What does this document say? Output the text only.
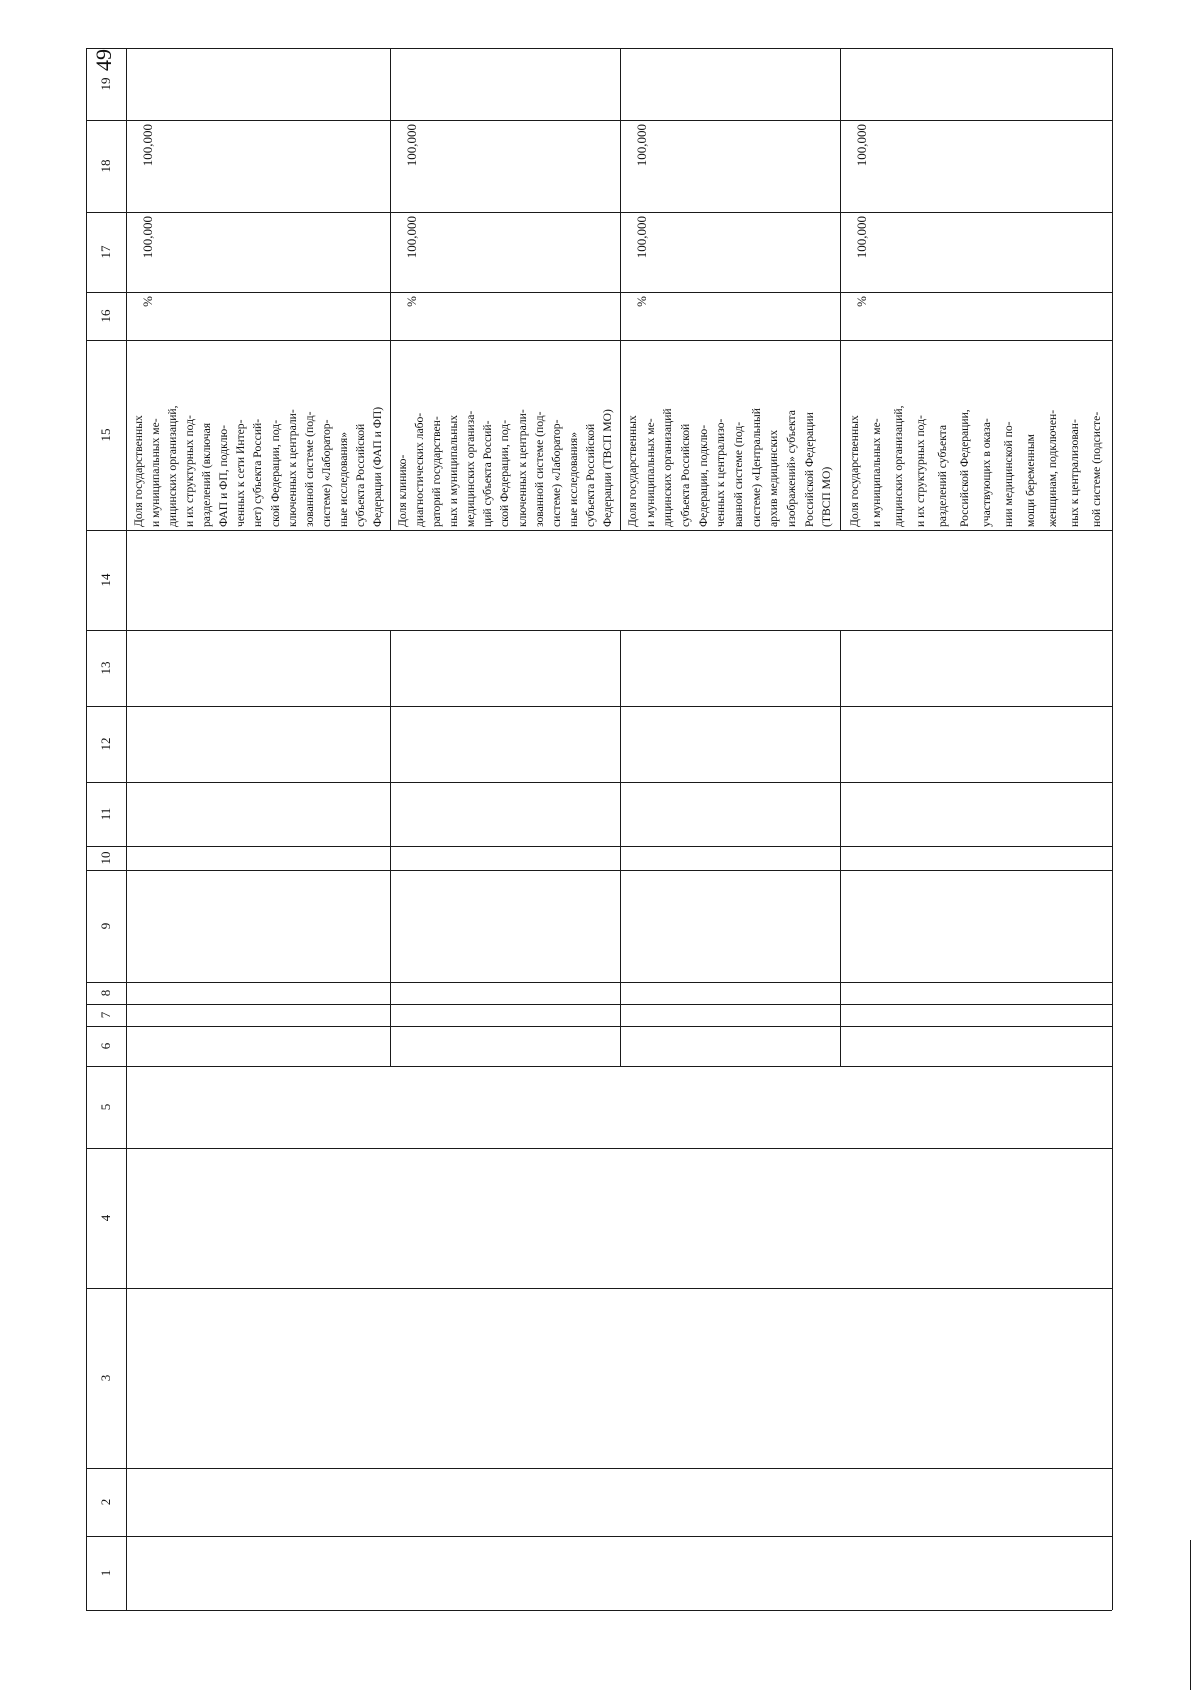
49
1
2
3
4
5
6
7
8
9
10
11
12
13
14
15
16
17
18
19
Доля государственных и муниципальных ме- дицинских организаций, и их структурных под- разделений (включая ФАП и ФП, подклю- ченных к сети Интер- нет) субъекта Россий- ской Федерации, под- ключенных к централи- зованной системе (под- системе) «Лаборатор- ные исследования» субъекта Российской Федерации (ФАП и ФП)
%
100,000
100,000
Доля клинико- диагностических лабо- раторий государствен- ных и муниципальных медицинских организа- ций субъекта Россий- ской Федерации, под- ключенных к централи- зованной системе (под- системе) «Лаборатор- ные исследования» субъекта Российской Федерации (ТВСП МО)
%
100,000
100,000
Доля государственных и муниципальных ме- дицинских организаций субъекта Российской Федерации, подклю- ченных к централизо- ванной системе (под- системе) «Центральный архив медицинских изображений» субъекта Российской Федерации (ТВСП МО)
%
100,000
100,000
Доля государственных и муниципальных ме- дицинских организаций, и их структурных под- разделений субъекта Российской Федерации, участвующих в оказа- нии медицинской по- мощи беременным женщинам, подключен- ных к централизован- ной системе (подсисте-
%
100,000
100,000
